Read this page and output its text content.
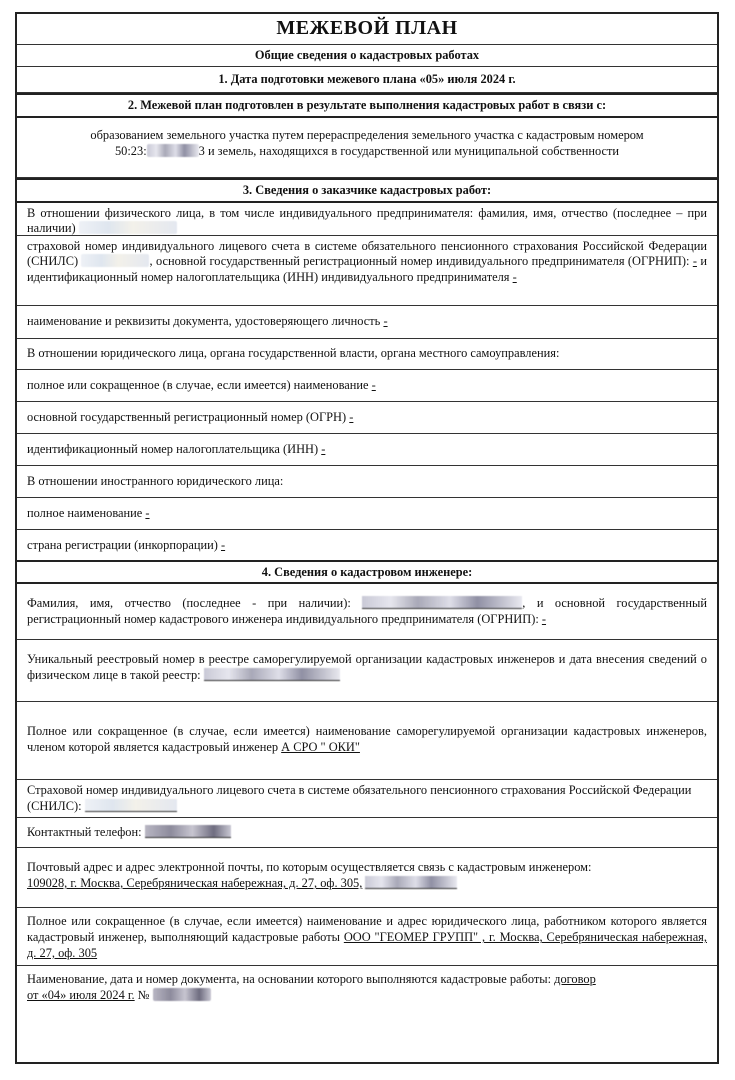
МЕЖЕВОЙ ПЛАН
Общие сведения о кадастровых работах
1. Дата подготовки межевого плана «05» июля 2024 г.
2. Межевой план подготовлен в результате выполнения кадастровых работ в связи с:
образованием земельного участка путем перераспределения земельного участка с кадастровым номером
50:23:	3 и земель, находящихся в государственной или муниципальной собственности
3. Сведения о заказчике кадастровых работ:
В отношении физического лица, в том числе индивидуального предпринимателя: фамилия, имя, отчество (последнее – при наличии)
страховой номер индивидуального лицевого счета в системе обязательного пенсионного страхования Российской Федерации (СНИЛС)	, основной государственный регистрационный номер индивидуального предпринимателя (ОГРНИП): - и идентификационный номер налогоплательщика (ИНН) индивидуального предпринимателя -
наименование и реквизиты документа, удостоверяющего личность -
В отношении юридического лица, органа государственной власти, органа местного самоуправления:
полное или сокращенное (в случае, если имеется) наименование -
основной государственный регистрационный номер (ОГРН) -
идентификационный номер налогоплательщика (ИНН) -
В отношении иностранного юридического лица:
полное наименование -
страна регистрации (инкорпорации) -
4. Сведения о кадастровом инженере:
Фамилия, имя, отчество (последнее - при наличии):	, и основной государственный регистрационный номер кадастрового инженера индивидуального предпринимателя (ОГРНИП): -
Уникальный реестровый номер в реестре саморегулируемой организации кадастровых инженеров и дата внесения сведений о физическом лице в такой реестр:
Полное или сокращенное (в случае, если имеется) наименование саморегулируемой организации кадастровых инженеров, членом которой является кадастровый инженер А СРО " ОКИ"
Страховой номер индивидуального лицевого счета в системе обязательного пенсионного страхования Российской Федерации (СНИЛС):
Контактный телефон:
Почтовый адрес и адрес электронной почты, по которым осуществляется связь с кадастровым инженером:
109028, г. Москва, Серебряническая набережная, д. 27, оф. 305,
Полное или сокращенное (в случае, если имеется) наименование и адрес юридического лица, работником которого является кадастровый инженер, выполняющий кадастровые работы ООО "ГЕОМЕР ГРУПП" , г. Москва, Серебряническая набережная, д. 27, оф. 305
Наименование, дата и номер документа, на основании которого выполняются кадастровые работы: договор
от «04» июля 2024 г. №
